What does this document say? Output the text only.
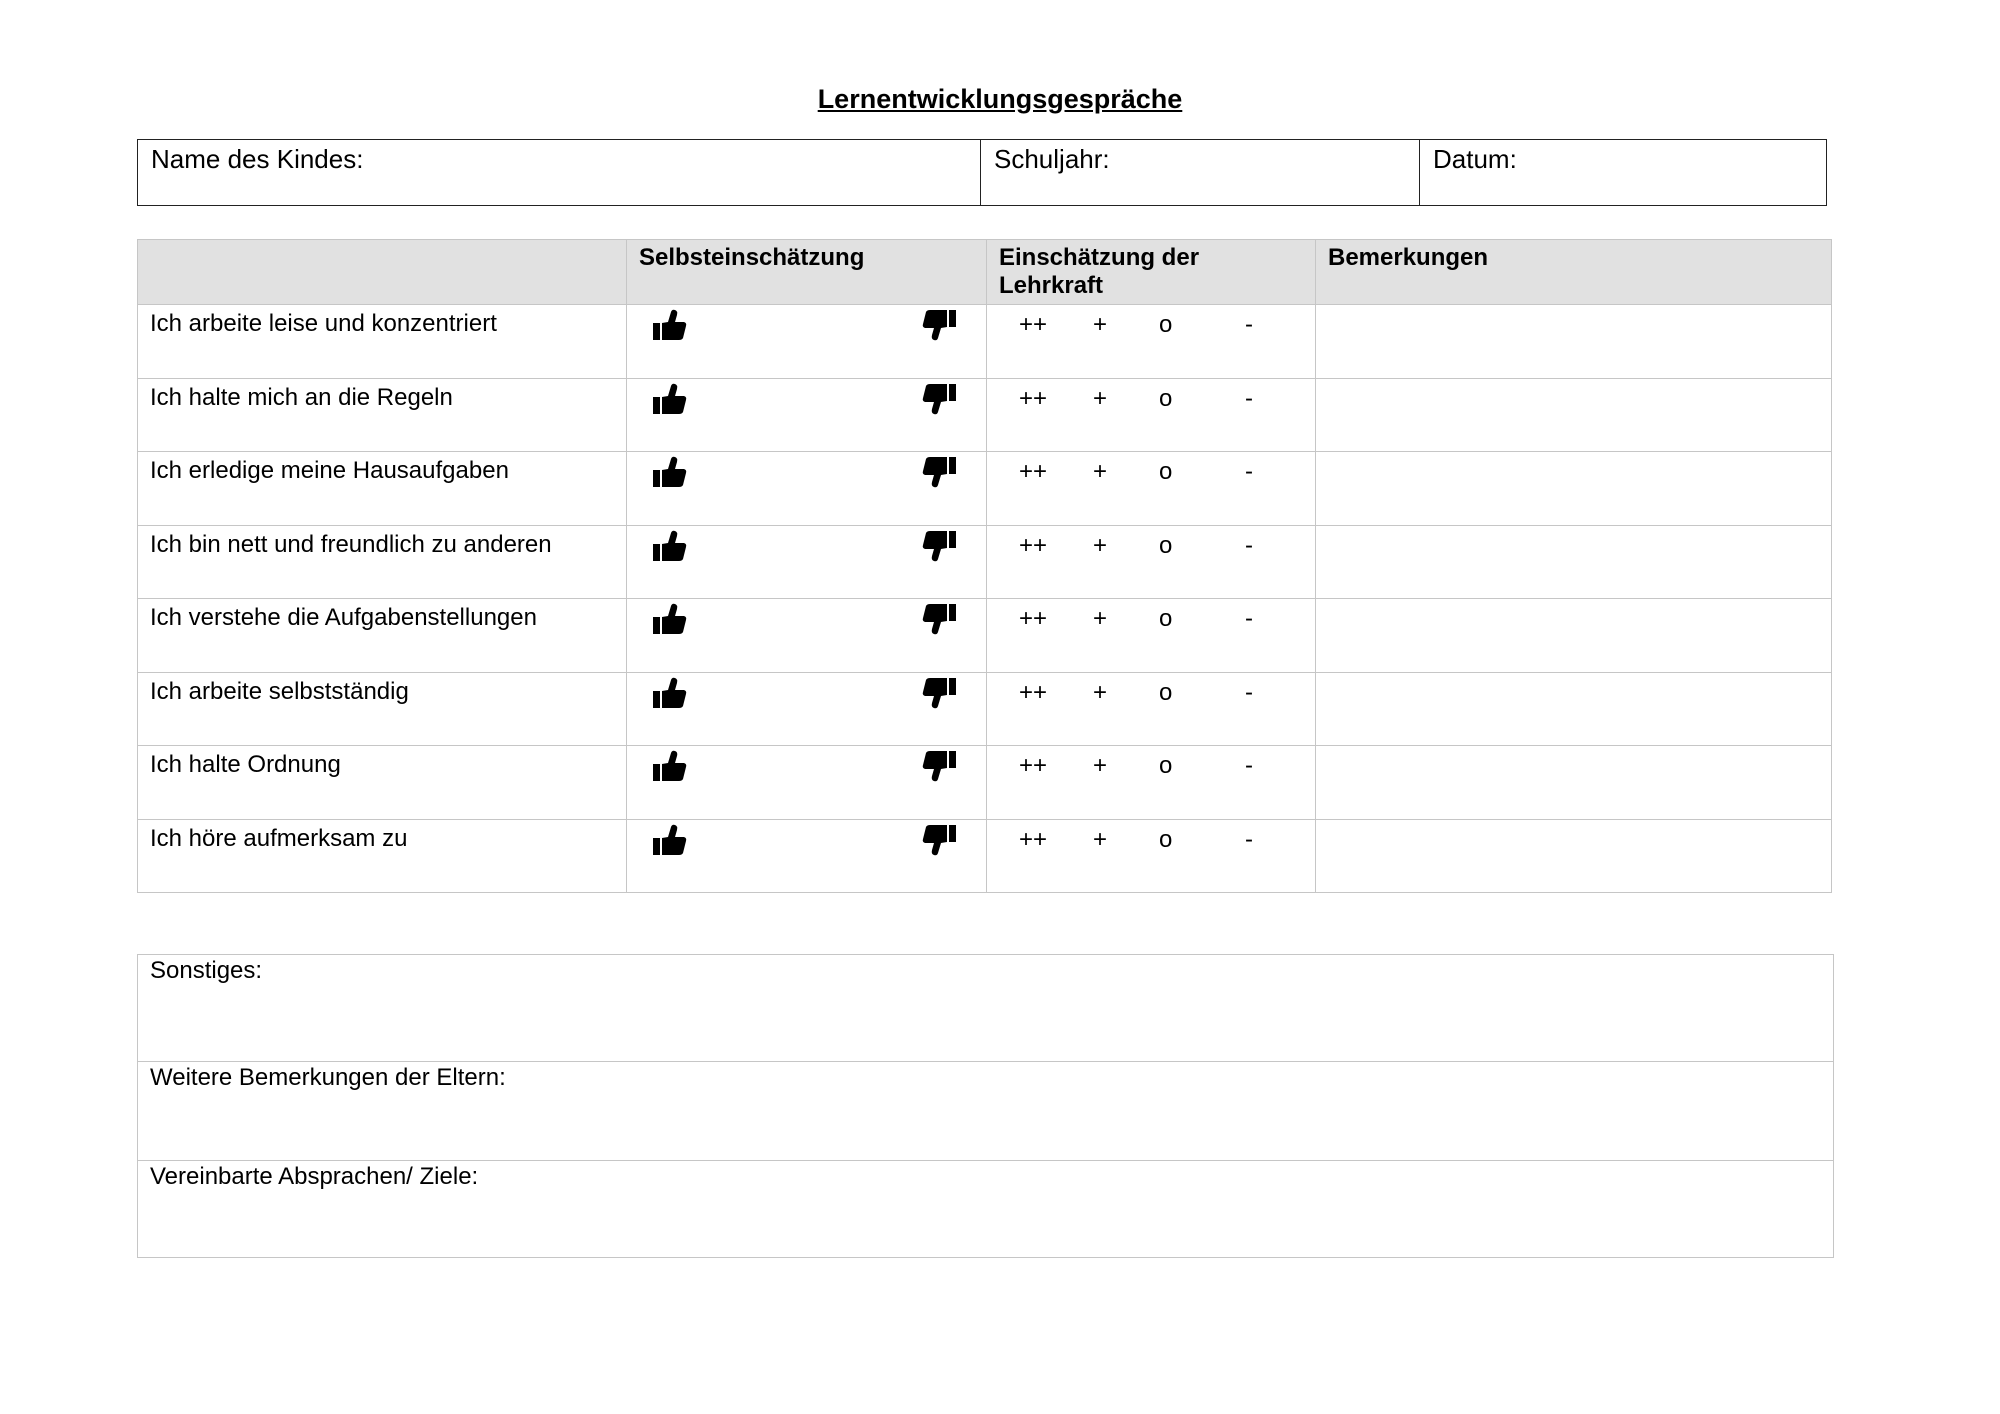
Lernentwicklungsgespräche
Name des Kindes:	Schuljahr:	Datum:
	Selbsteinschätzung	Einschätzung der Lehrkraft	Bemerkungen
Ich arbeite leise und konzentriert		++ + o -	

Ich halte mich an die Regeln		++ + o -	

Ich erledige meine Hausaufgaben		++ + o -	

Ich bin nett und freundlich zu anderen		++ + o -	

Ich verstehe die Aufgabenstellungen		++ + o -	

Ich arbeite selbstständig		++ + o -	

Ich halte Ordnung		++ + o -	

Ich höre aufmerksam zu		++ + o -	

Sonstiges:
Weitere Bemerkungen der Eltern:
Vereinbarte Absprachen/ Ziele:
